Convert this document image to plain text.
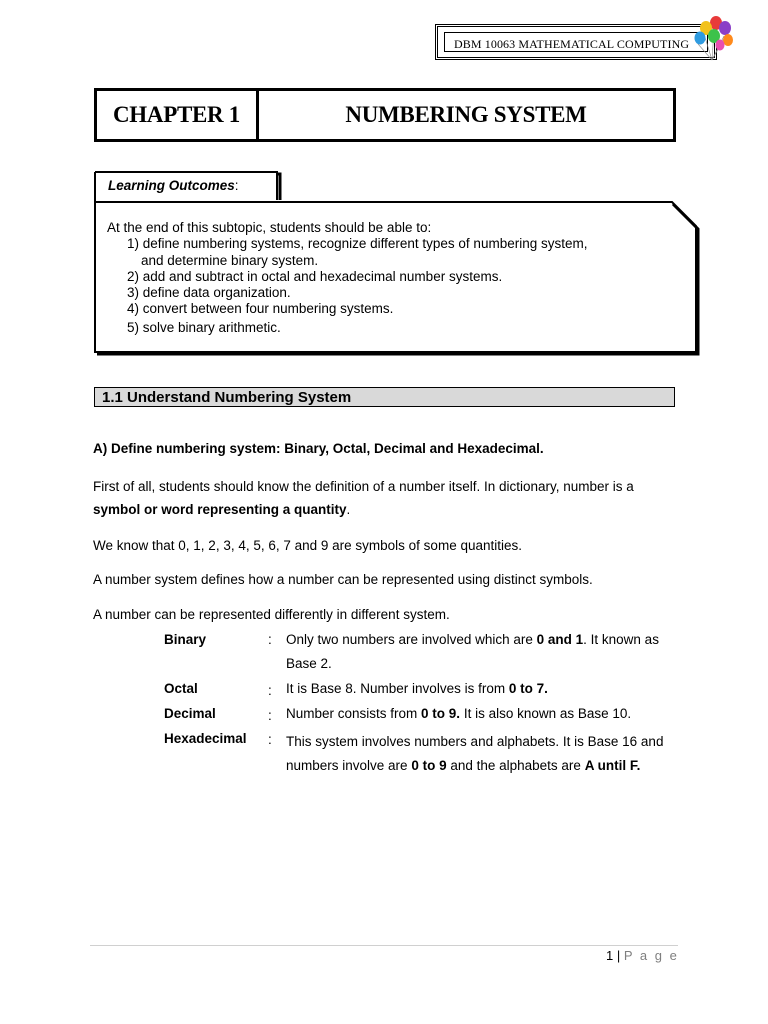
DBM 10063 MATHEMATICAL COMPUTING
CHAPTER 1	NUMBERING SYSTEM
Learning Outcomes:
At the end of this subtopic, students should be able to:
1) define numbering systems, recognize different types of numbering system,
and determine binary system.
2) add and subtract in octal and hexadecimal number systems.
3) define data organization.
4) convert between four numbering systems.
5) solve binary arithmetic.
1.1 Understand Numbering System
A) Define numbering system: Binary, Octal, Decimal and Hexadecimal.
First of all, students should know the definition of a number itself. In dictionary, number is a symbol or word representing a quantity.
We know that 0, 1, 2, 3, 4, 5, 6, 7 and 9 are symbols of some quantities.
A number system defines how a number can be represented using distinct symbols.
A number can be represented differently in different system.
Binary	: Only two numbers are involved which are 0 and 1. It known as Base 2.
Octal	: It is Base 8. Number involves is from 0 to 7.
Decimal	: Number consists from 0 to 9. It is also known as Base 10.
Hexadecimal : This system involves numbers and alphabets. It is Base 16 and numbers involve are 0 to 9 and the alphabets are A until F.
1 | P a g e
